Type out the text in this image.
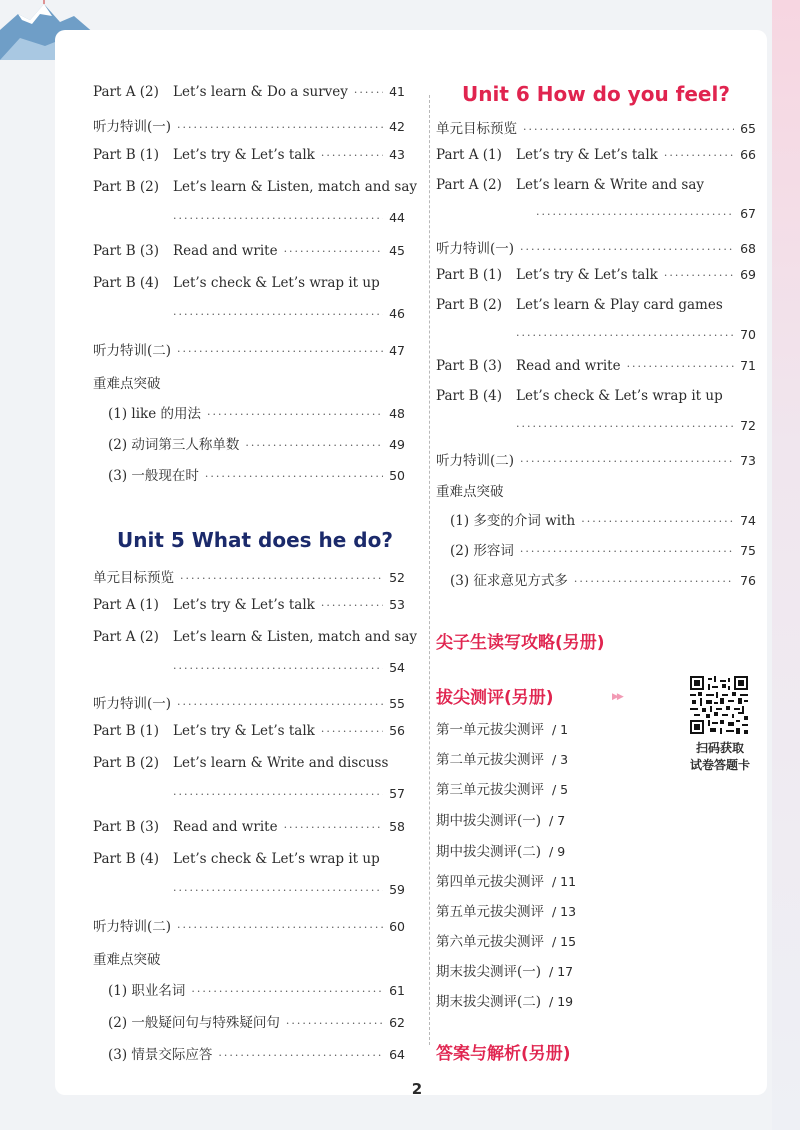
Part A (2)	Let’s learn & Do a survey ·····	41
听力特训(一) ·····	42
Part B (1)	Let’s try & Let’s talk ·····	43
Part B (2)	Let’s learn & Listen, match and say
·····
44
Part B (3)	Read and write ·····	45
Part B (4)	Let’s check & Let’s wrap it up
·····
46
听力特训(二) ·····	47
重难点突破
(1) like 的用法 ·····	48
(2) 动词第三人称单数 ·····	49
(3) 一般现在时 ·····	50
Unit 5 What does he do?
单元目标预览 ·····	52
Part A (1)	Let’s try & Let’s talk ·····	53
Part A (2)	Let’s learn & Listen, match and say
·····
54
听力特训(一) ·····	55
Part B (1)	Let’s try & Let’s talk ·····	56
Part B (2)	Let’s learn & Write and discuss
·····
57
Part B (3)	Read and write ·····	58
Part B (4)	Let’s check & Let’s wrap it up
·····
59
听力特训(二) ·····	60
重难点突破
(1) 职业名词 ·····	61
(2) 一般疑问句与特殊疑问句 ·····	62
(3) 情景交际应答 ·····	64
Unit 6 How do you feel?
单元目标预览 ·····	65
Part A (1)	Let’s try & Let’s talk ·····	66
Part A (2)	Let’s learn & Write and say
·····
67
听力特训(一) ·····	68
Part B (1)	Let’s try & Let’s talk ·····	69
Part B (2)	Let’s learn & Play card games
·····
70
Part B (3)	Read and write ·····	71
Part B (4)	Let’s check & Let’s wrap it up
·····
72
听力特训(二) ·····	73
重难点突破
(1) 多变的介词 with ·····	74
(2) 形容词 ·····	75
(3) 征求意见方式多 ·····	76
尖子生读写攻略(另册)
拔尖测评(另册)	▶▶
第一单元拔尖测评 / 1
第二单元拔尖测评 / 3
第三单元拔尖测评 / 5
期中拔尖测评(一) / 7
期中拔尖测评(二) / 9
第四单元拔尖测评 / 11
第五单元拔尖测评 / 13
第六单元拔尖测评 / 15
期末拔尖测评(一) / 17
期末拔尖测评(二) / 19
扫码获取
试卷答题卡
答案与解析(另册)
2
